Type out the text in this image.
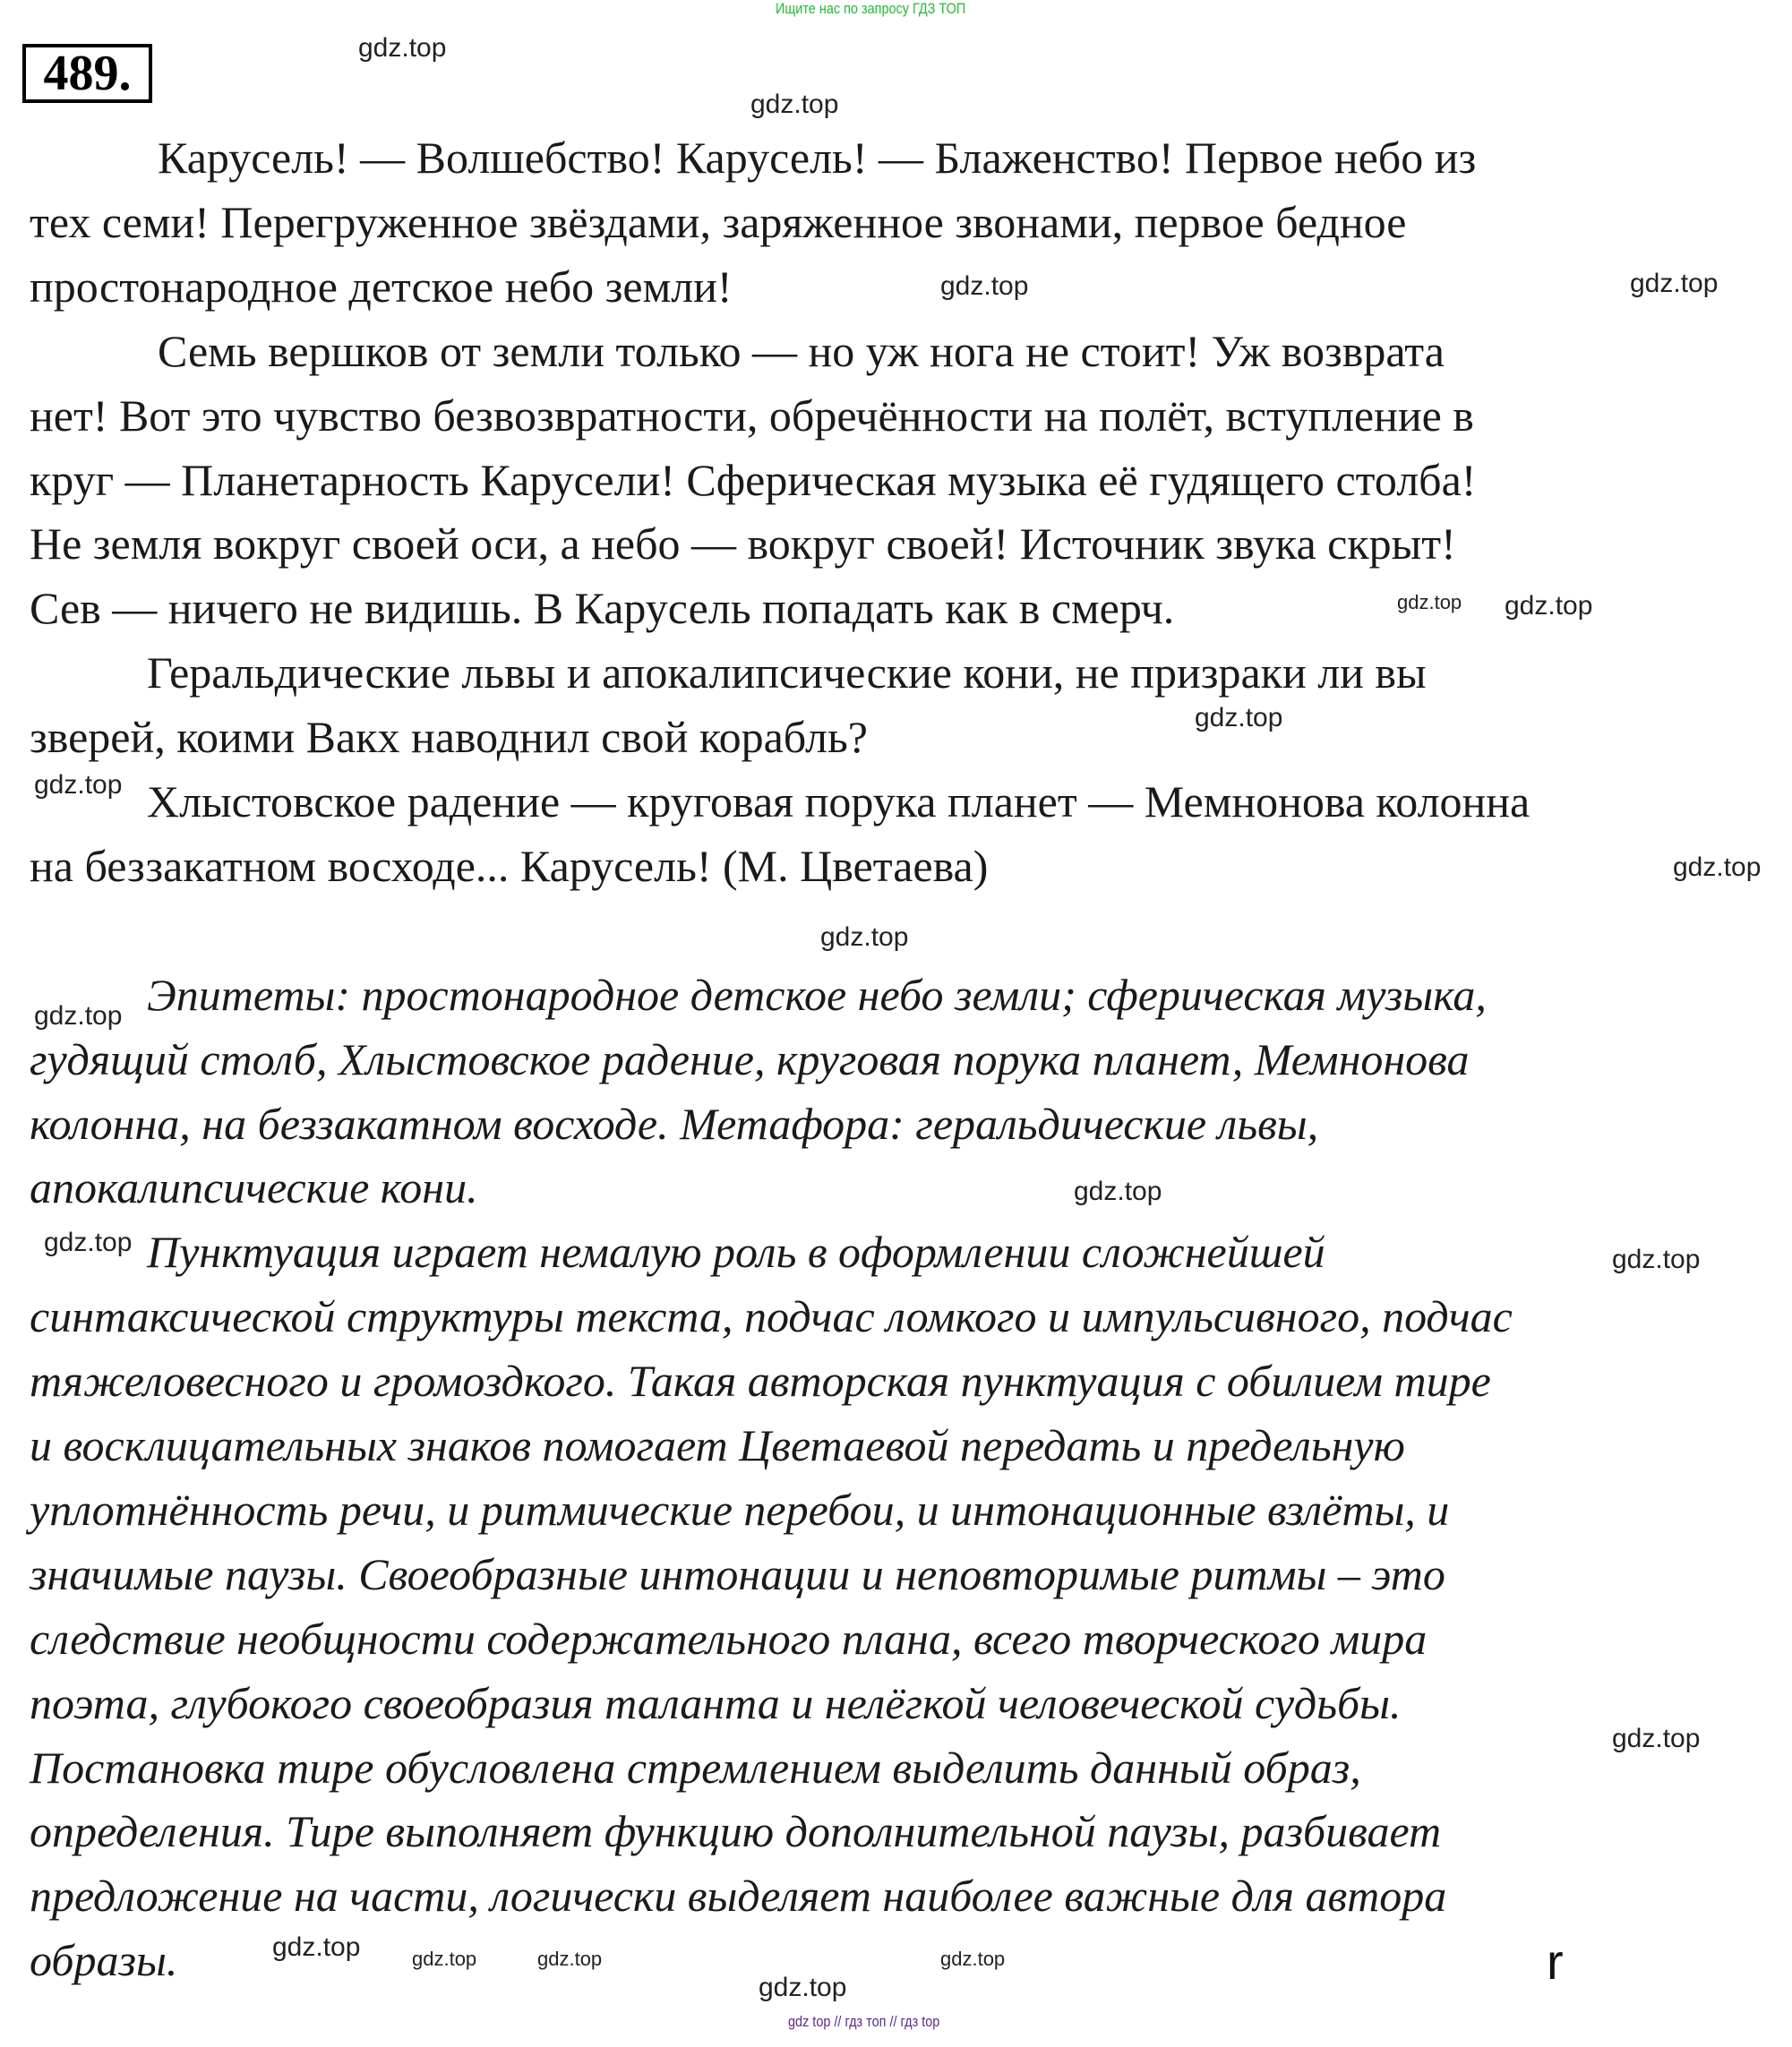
Ищите нас по запросу ГДЗ ТОП
489.
Карусель! — Волшебство! Карусель! — Блаженство! Первое небо из
тех семи! Перегруженное звёздами, заряженное звонами, первое бедное
простонародное детское небо земли!
Семь вершков от земли только — но уж нога не стоит! Уж возврата
нет! Вот это чувство безвозвратности, обречённости на полёт, вступление в
круг — Планетарность Карусели! Сферическая музыка её гудящего столба!
Не земля вокруг своей оси, а небо — вокруг своей! Источник звука скрыт!
Сев — ничего не видишь. В Карусель попадать как в смерч.
Геральдические львы и апокалипсические кони, не призраки ли вы
зверей, коими Вакх наводнил свой корабль?
Хлыстовское радение — круговая порука планет — Мемнонова колонна
на беззакатном восходе... Карусель! (М. Цветаева)
Эпитеты: простонародное детское небо земли; сферическая музыка,
гудящий столб, Хлыстовское радение, круговая порука планет, Мемнонова
колонна, на беззакатном восходе. Метафора: геральдические львы,
апокалипсические кони.
Пунктуация играет немалую роль в оформлении сложнейшей
синтаксической структуры текста, подчас ломкого и импульсивного, подчас
тяжеловесного и громоздкого. Такая авторская пунктуация с обилием тире
и восклицательных знаков помогает Цветаевой передать и предельную
уплотнённость речи, и ритмические перебои, и интонационные взлёты, и
значимые паузы. Своеобразные интонации и неповторимые ритмы – это
следствие необщности содержательного плана, всего творческого мира
поэта, глубокого своеобразия таланта и нелёгкой человеческой судьбы.
Постановка тире обусловлена стремлением выделить данный образ,
определения. Тире выполняет функцию дополнительной паузы, разбивает
предложение на части, логически выделяет наиболее важные для автора
образы.
gdz.top
gdz.top
gdz.top
gdz.top
gdz.top gdz.top
gdz.top
gdz.top
gdz.top
gdz.top
gdz.top
gdz.top
gdz.top
gdz.top
gdz.top	gdz.top
gdz.top
gdz.top
gdz.top
gdz.top	r
gdz top // гдз топ // гдз top
